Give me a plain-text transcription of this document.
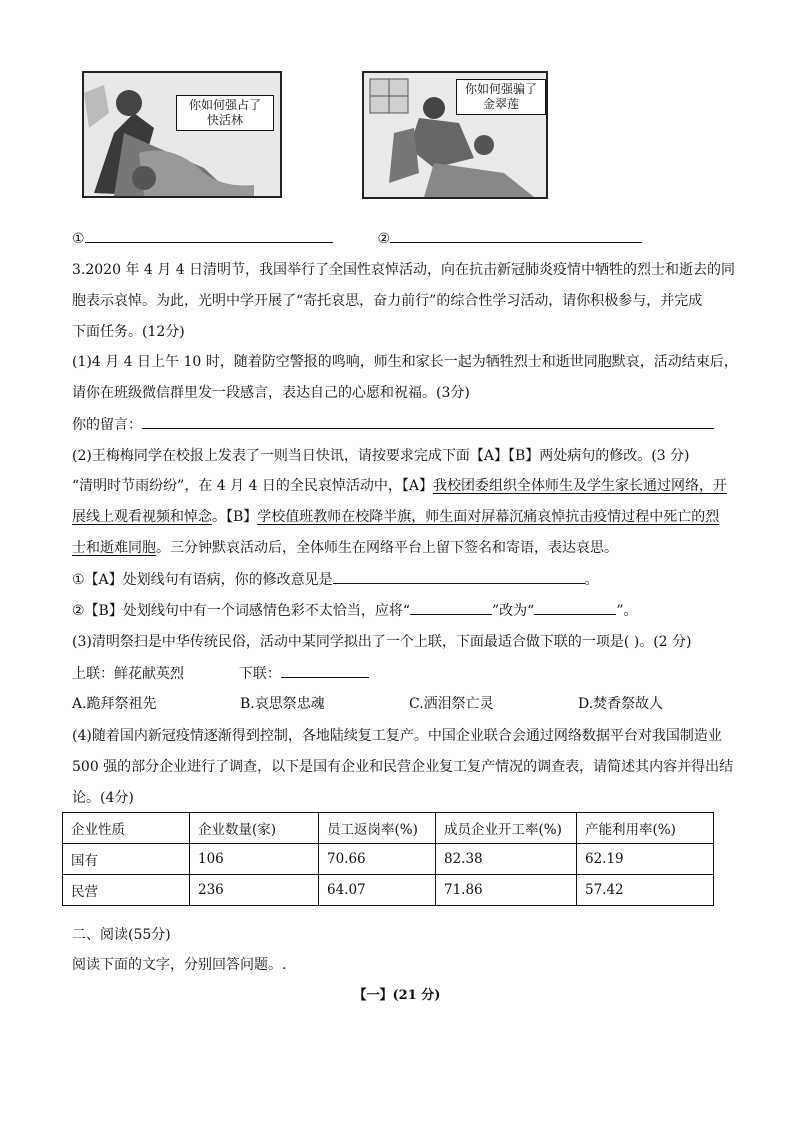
你如何强占了
快活林
你如何强骗了
金翠莲
①	②
3.2020 年 4 月 4 日清明节，我国举行了全国性哀悼活动，向在抗击新冠肺炎疫情中牺牲的烈士和逝去的同
胞表示哀悼。为此，光明中学开展了“寄托哀思，奋力前行”的综合性学习活动，请你积极参与，并完成
下面任务。(12分)
(1)4 月 4 日上午 10 时，随着防空警报的鸣响，师生和家长一起为牺牲烈士和逝世同胞默哀，活动结束后，
请你在班级微信群里发一段感言，表达自己的心愿和祝福。(3分)
你的留言：
(2)王梅梅同学在校报上发表了一则当日快讯，请按要求完成下面【A】【B】两处病句的修改。(3 分)
“清明时节雨纷纷”，在 4 月 4 日的全民哀悼活动中，【A】我校团委组织全体师生及学生家长通过网络，开
展线上观看视频和悼念。【B】学校值班教师在校降半旗，师生面对屏幕沉痛哀悼抗击疫情过程中死亡的烈
士和逝难同胞。三分钟默哀活动后，全体师生在网络平台上留下签名和寄语，表达哀思。
①【A】处划线句有语病，你的修改意见是	。
②【B】处划线句中有一个词感情色彩不太恰当，应将“	”改为“	”。
(3)清明祭扫是中华传统民俗，活动中某同学拟出了一个上联，下面最适合做下联的一项是( )。(2 分)
上联：鲜花献英烈	下联：
A.跪拜祭祖先	B.哀思祭忠魂	C.洒泪祭亡灵	D.焚香祭故人
(4)随着国内新冠疫情逐渐得到控制，各地陆续复工复产。中国企业联合会通过网络数据平台对我国制造业
500 强的部分企业进行了调查，以下是国有企业和民营企业复工复产情况的调查表，请简述其内容并得出结
论。(4分)
企业性质	企业数量(家)	员工返岗率(%)	成员企业开工率(%)	产能利用率(%)
国有	106	70.66	82.38	62.19
民营	236	64.07	71.86	57.42
二、阅读(55分)
阅读下面的文字，分别回答问题。.
【一】(21 分)
